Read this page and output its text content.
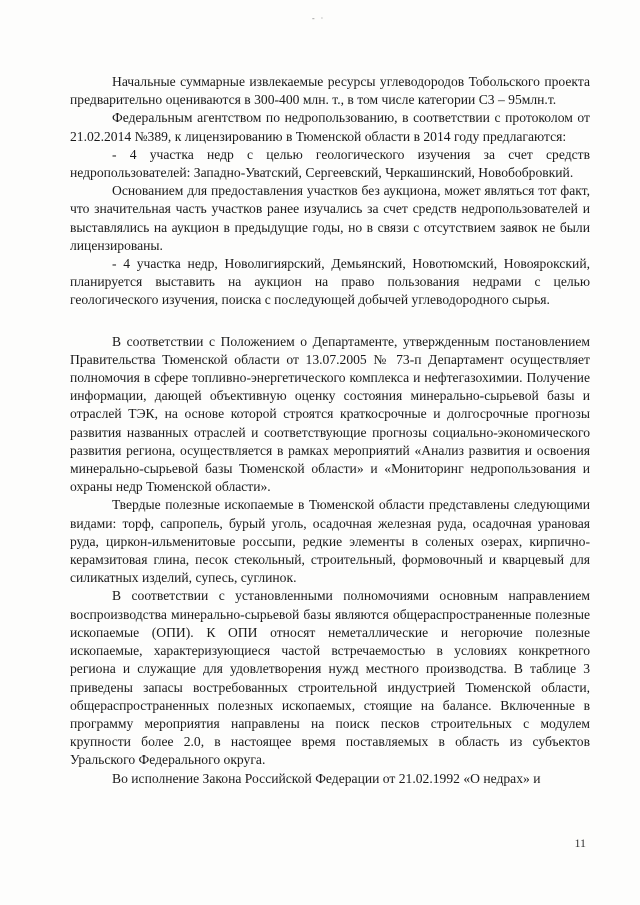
- ·

Начальные суммарные извлекаемые ресурсы углеводородов Тобольского проекта предварительно оцениваются в 300-400 млн. т., в том числе категории С3 – 95млн.т.

Федеральным агентством по недропользованию, в соответствии с протоколом от 21.02.2014 №389, к лицензированию в Тюменской области в 2014 году предлагаются:

- 4 участка недр с целью геологического изучения за счет средств недропользователей: Западно-Уватский, Сергеевский, Черкашинский, Новобобровкий.

Основанием для предоставления участков без аукциона, может являться тот факт, что значительная часть участков ранее изучались за счет средств недропользователей и выставлялись на аукцион в предыдущие годы, но в связи с отсутствием заявок не были лицензированы.

- 4 участка недр, Новолигиярский, Демьянский, Новотюмский, Новоярокский, планируется выставить на аукцион на право пользования недрами с целью геологического изучения, поиска с последующей добычей углеводородного сырья.

В соответствии с Положением о Департаменте, утвержденным постановлением Правительства Тюменской области от 13.07.2005 № 73-п Департамент осуществляет полномочия в сфере топливно-энергетического комплекса и нефтегазохимии. Получение информации, дающей объективную оценку состояния минерально-сырьевой базы и отраслей ТЭК, на основе которой строятся краткосрочные и долгосрочные прогнозы развития названных отраслей и соответствующие прогнозы социально-экономического развития региона, осуществляется в рамках мероприятий «Анализ развития и освоения минерально-сырьевой базы Тюменской области» и «Мониторинг недропользования и охраны недр Тюменской области».

Твердые полезные ископаемые в Тюменской области представлены следующими видами: торф, сапропель, бурый уголь, осадочная железная руда, осадочная урановая руда, циркон-ильменитовые россыпи, редкие элементы в соленых озерах, кирпично-керамзитовая глина, песок стекольный, строительный, формовочный и кварцевый для силикатных изделий, супесь, суглинок.

В соответствии с установленными полномочиями основным направлением воспроизводства минерально-сырьевой базы являются общераспространенные полезные ископаемые (ОПИ). К ОПИ относят неметаллические и негорючие полезные ископаемые, характеризующиеся частой встречаемостью в условиях конкретного региона и служащие для удовлетворения нужд местного производства. В таблице 3 приведены запасы востребованных строительной индустрией Тюменской области, общераспространенных полезных ископаемых, стоящие на балансе. Включенные в программу мероприятия направлены на поиск песков строительных с модулем крупности более 2.0, в настоящее время поставляемых в область из субъектов Уральского Федерального округа.

Во исполнение Закона Российской Федерации от 21.02.1992 «О недрах» и

11
